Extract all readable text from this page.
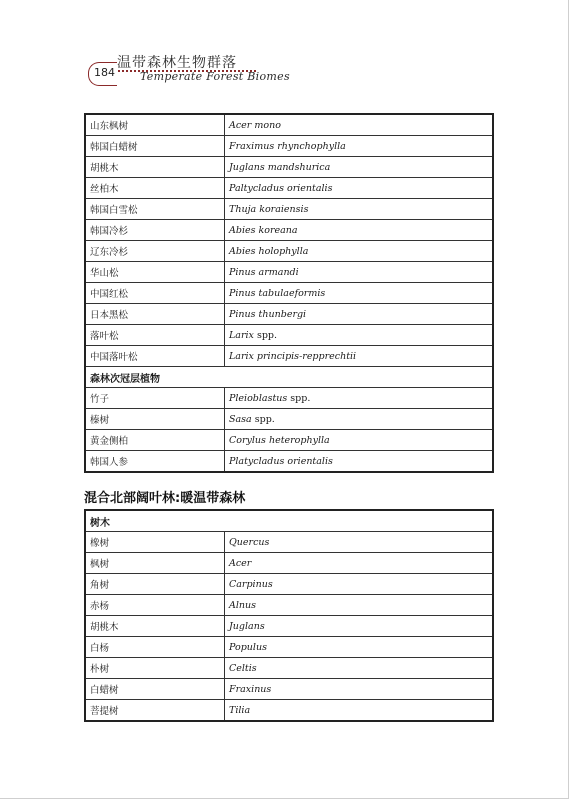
184
温带森林生物群落
Temperate Forest Biomes
山东枫树	Acer mono
韩国白蜡树	Fraximus rhynchophylla
胡桃木	Juglans mandshurica
丝柏木	Paltycladus orientalis
韩国白雪松	Thuja koraiensis
韩国冷杉	Abies koreana
辽东冷杉	Abies holophylla
华山松	Pinus armandi
中国红松	Pinus tabulaeformis
日本黑松	Pinus thunbergi
落叶松	Larix spp.
中国落叶松	Larix principis-repprechtii
森林次冠层植物	
竹子	Pleioblastus spp.
榛树	Sasa spp.
黄金侧柏	Corylus heterophylla
韩国人参	Platycladus orientalis
混合北部阔叶林:暖温带森林
树木	
橡树	Quercus
枫树	Acer
角树	Carpinus
赤杨	Alnus
胡桃木	Juglans
白杨	Populus
朴树	Celtis
白蜡树	Fraxinus
菩提树	Tilia
